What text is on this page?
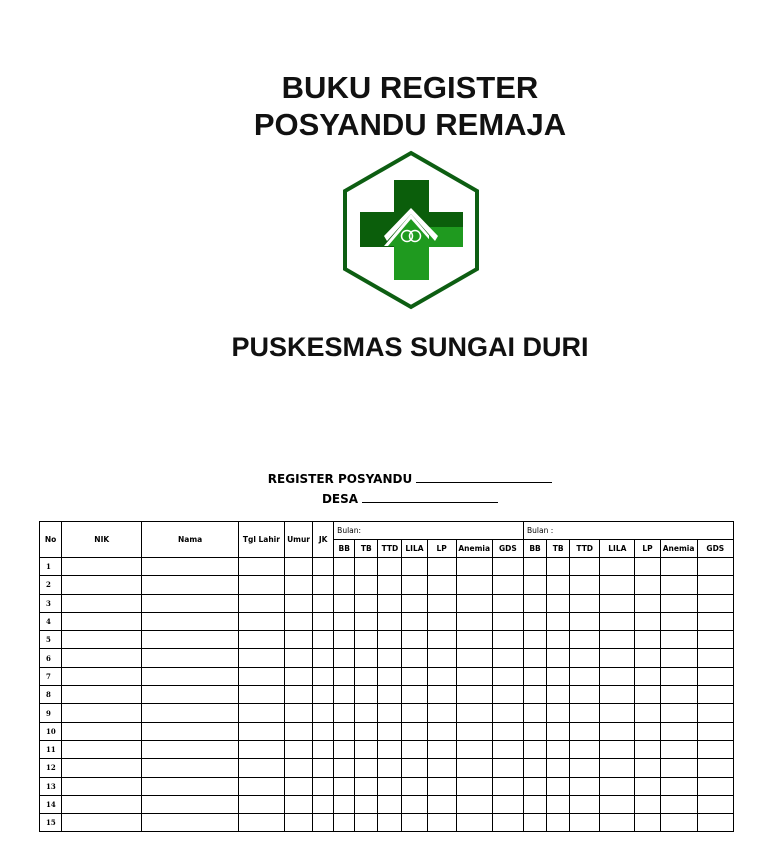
BUKU REGISTER
POSYANDU REMAJA
PUSKESMAS SUNGAI DURI
REGISTER POSYANDU
DESA
No	NIK	Nama	Tgl Lahir	Umur	JK	Bulan:							Bulan :						
						BB	TB	TTD	LILA	LP	Anemia	GDS	BB	TB	TTD	LILA	LP	Anemia	GDS
1																			
2																			
3																			
4																			
5																			
6																			
7																			
8																			
9																			
10																			
11																			
12																			
13																			
14																			
15																			
